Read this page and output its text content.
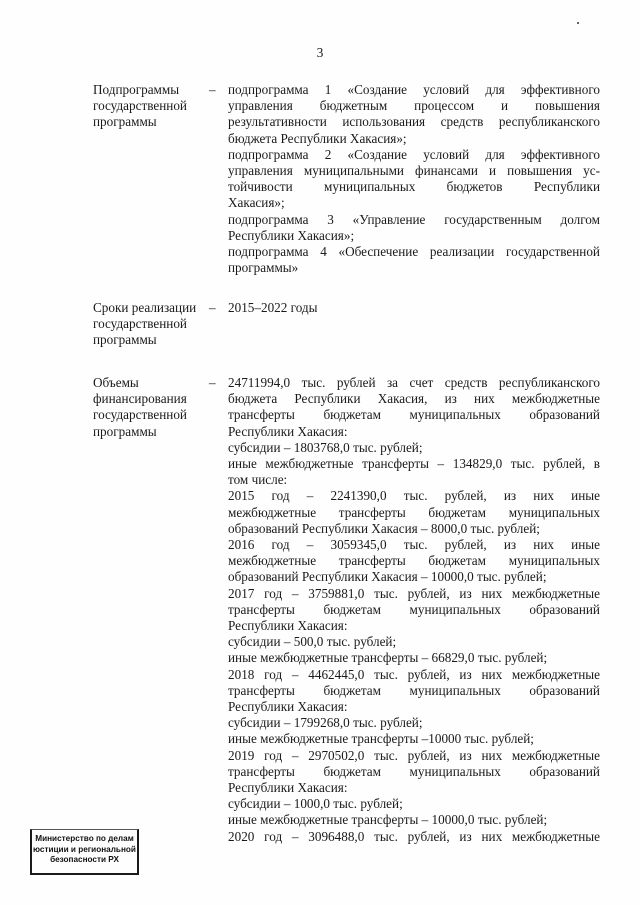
3
Подпрограммы
государственной
программы
– подпрограмма 1 «Создание условий для эффективного
управления бюджетным процессом и повышения
результативности использования средств республиканского
бюджета Республики Хакасия»;
подпрограмма 2 «Создание условий для эффективного
управления муниципальными финансами и повышения ус-
тойчивости муниципальных бюджетов Республики
Хакасия»;
подпрограмма 3 «Управление государственным долгом
Республики Хакасия»;
подпрограмма 4 «Обеспечение реализации государственной
программы»
Сроки реализации
государственной
программы
– 2015–2022 годы
Объемы
финансирования
государственной
программы
– 24711994,0 тыс. рублей за счет средств республиканского
бюджета Республики Хакасия, из них межбюджетные
трансферты бюджетам муниципальных образований
Республики Хакасия:
субсидии – 1803768,0 тыс. рублей;
иные межбюджетные трансферты – 134829,0 тыс. рублей, в
том числе:
2015 год – 2241390,0 тыс. рублей, из них иные
межбюджетные трансферты бюджетам муниципальных
образований Республики Хакасия – 8000,0 тыс. рублей;
2016 год – 3059345,0 тыс. рублей, из них иные
межбюджетные трансферты бюджетам муниципальных
образований Республики Хакасия – 10000,0 тыс. рублей;
2017 год – 3759881,0 тыс. рублей, из них межбюджетные
трансферты бюджетам муниципальных образований
Республики Хакасия:
субсидии – 500,0 тыс. рублей;
иные межбюджетные трансферты – 66829,0 тыс. рублей;
2018 год – 4462445,0 тыс. рублей, из них межбюджетные
трансферты бюджетам муниципальных образований
Республики Хакасия:
субсидии – 1799268,0 тыс. рублей;
иные межбюджетные трансферты –10000 тыс. рублей;
2019 год – 2970502,0 тыс. рублей, из них межбюджетные
трансферты бюджетам муниципальных образований
Республики Хакасия:
субсидии – 1000,0 тыс. рублей;
иные межбюджетные трансферты – 10000,0 тыс. рублей;
2020 год – 3096488,0 тыс. рублей, из них межбюджетные
Министерство по делам
юстиции и региональной
безопасности РХ
